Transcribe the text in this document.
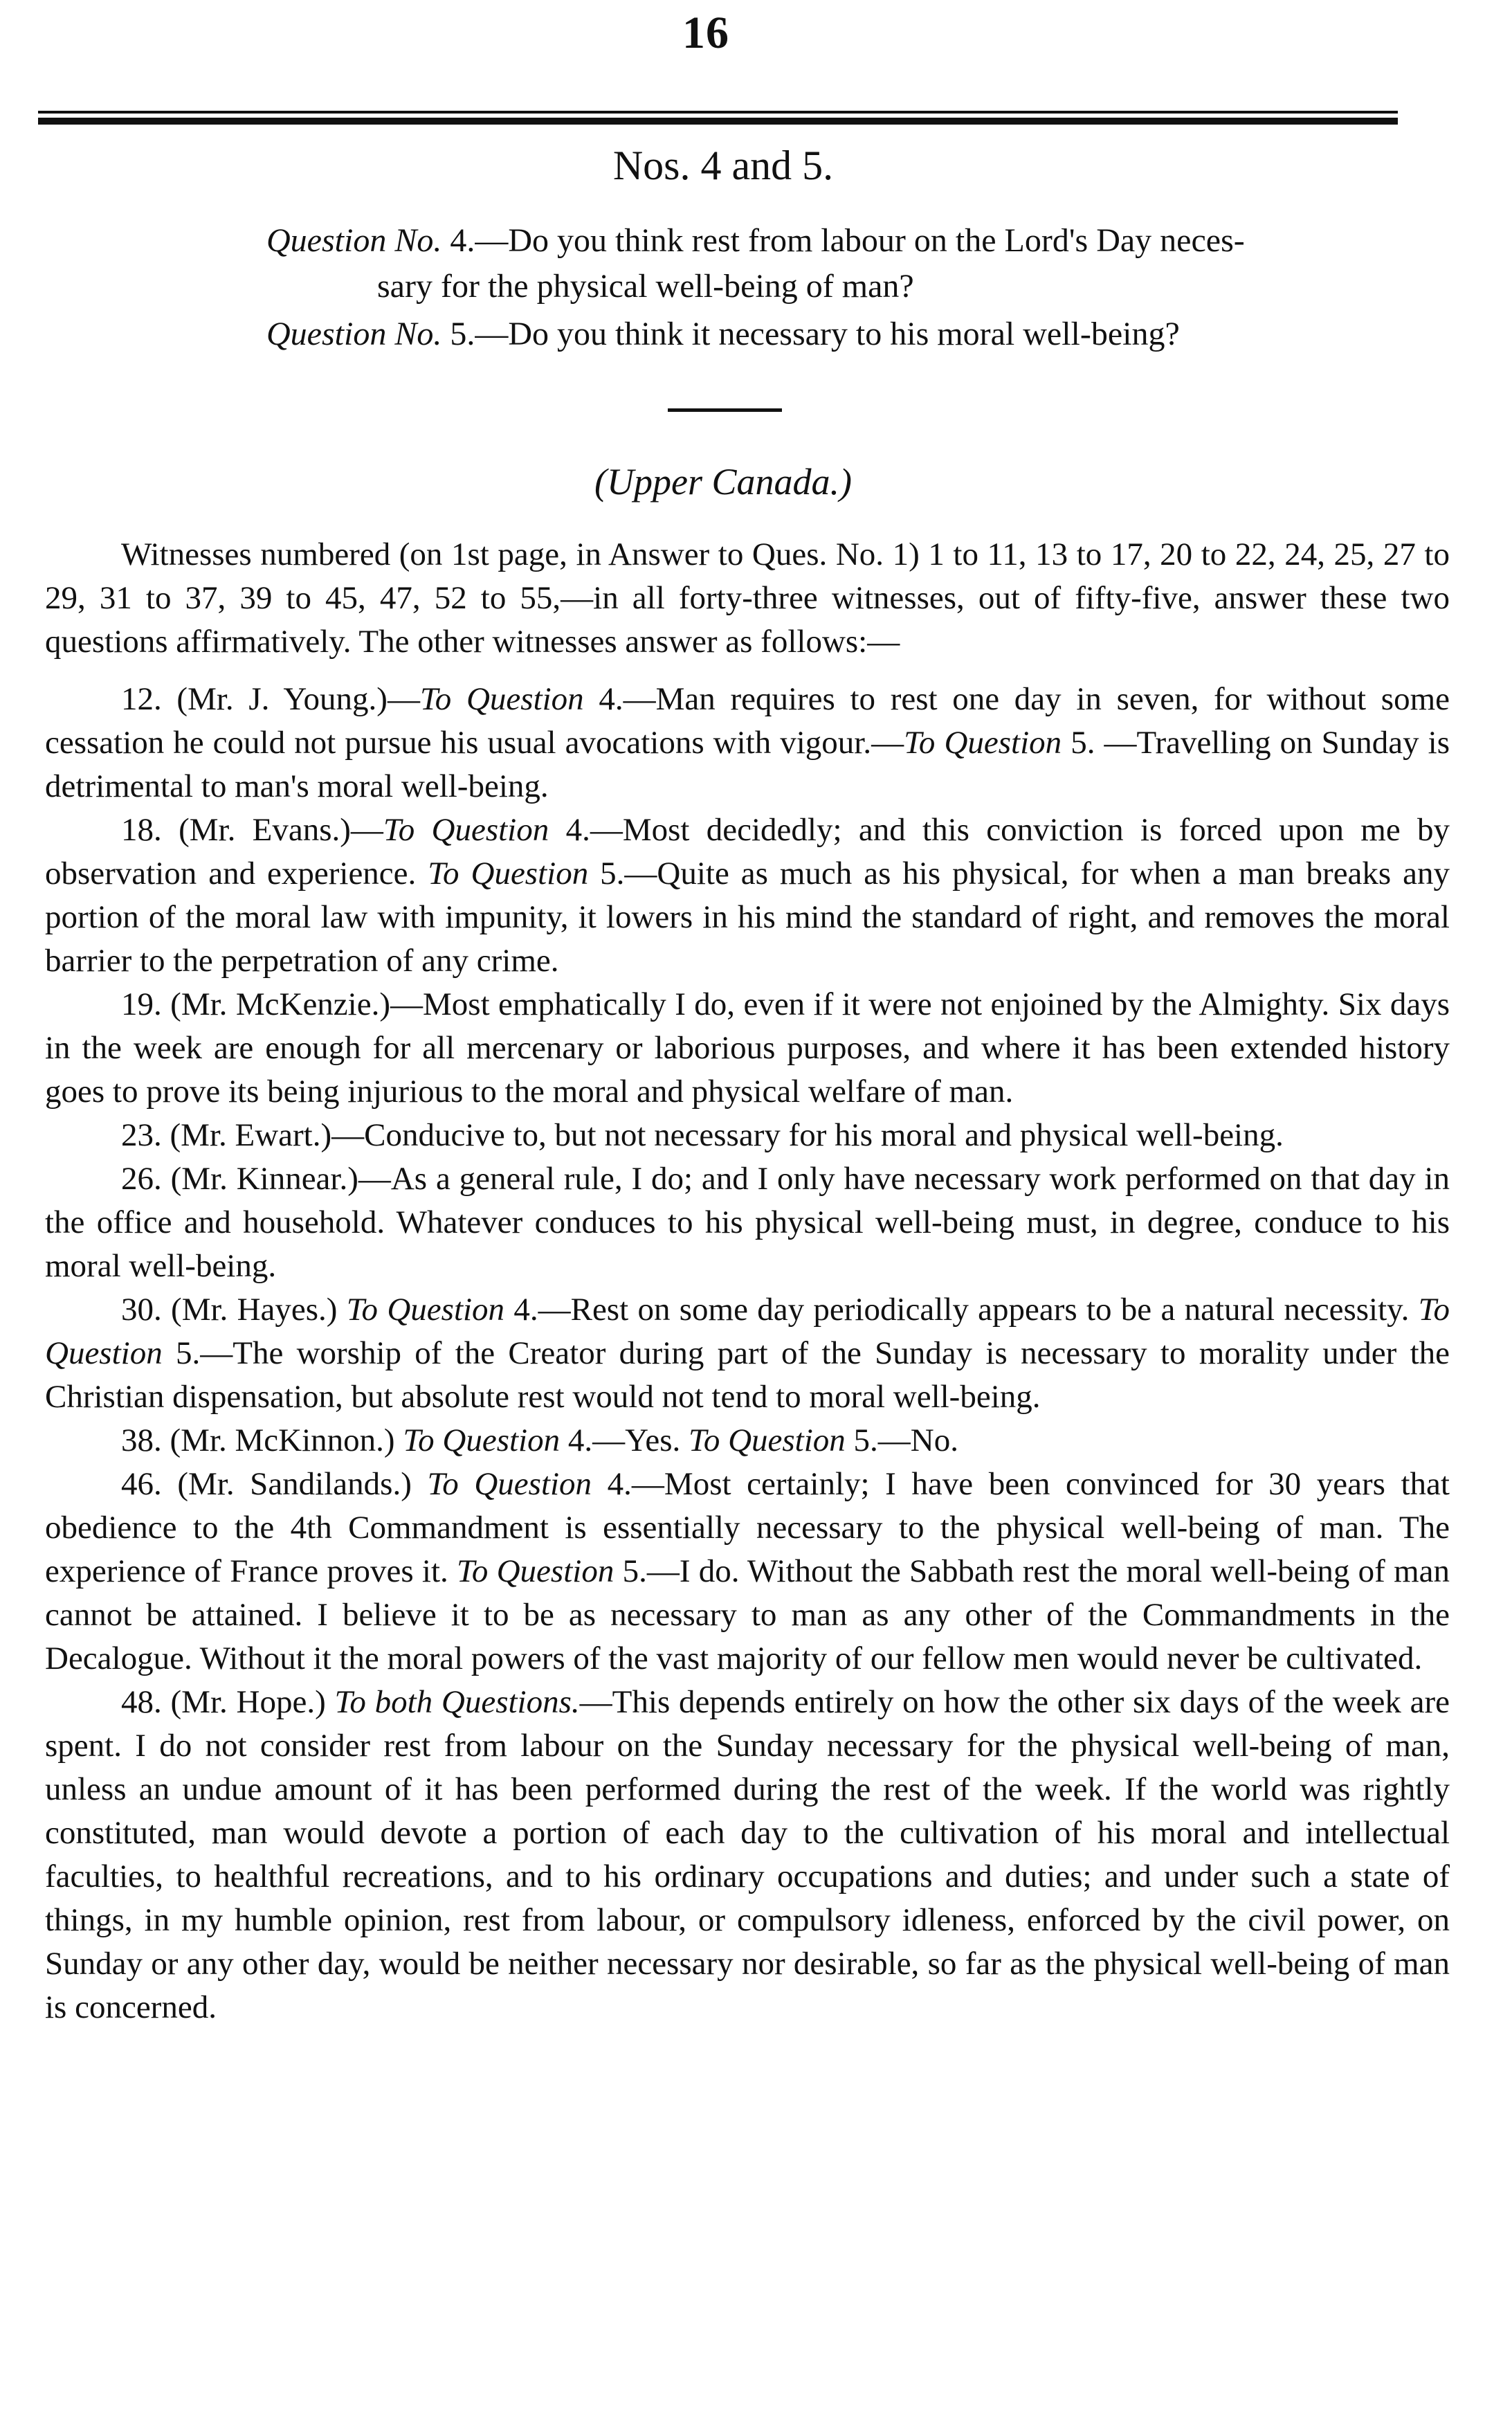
16
Nos. 4 and 5.
Question No. 4.—Do you think rest from labour on the Lord's Day neces-
sary for the physical well-being of man?
Question No. 5.—Do you think it necessary to his moral well-being?
(Upper Canada.)

Witnesses numbered (on 1st page, in Answer to Ques. No. 1) 1 to 11, 13 to 17, 20 to 22, 24, 25, 27 to 29, 31 to 37, 39 to 45, 47, 52 to 55,—in all forty-three witnesses, out of fifty-five, answer these two questions affirmatively. The other witnesses answer as follows:—

12. (Mr. J. Young.)—To Question 4.—Man requires to rest one day in seven, for without some cessation he could not pursue his usual avocations with vigour.—To Question 5. —Travelling on Sunday is detrimental to man's moral well-being.

18. (Mr. Evans.)—To Question 4.—Most decidedly; and this conviction is forced upon me by observation and experience. To Question 5.—Quite as much as his physical, for when a man breaks any portion of the moral law with impunity, it lowers in his mind the standard of right, and removes the moral barrier to the perpetration of any crime.

19. (Mr. McKenzie.)—Most emphatically I do, even if it were not enjoined by the Almighty. Six days in the week are enough for all mercenary or laborious purposes, and where it has been extended history goes to prove its being injurious to the moral and physical welfare of man.

23. (Mr. Ewart.)—Conducive to, but not necessary for his moral and physical well-being.

26. (Mr. Kinnear.)—As a general rule, I do; and I only have necessary work performed on that day in the office and household. Whatever conduces to his physical well-being must, in degree, conduce to his moral well-being.

30. (Mr. Hayes.) To Question 4.—Rest on some day periodically appears to be a natural necessity. To Question 5.—The worship of the Creator during part of the Sunday is necessary to morality under the Christian dispensation, but absolute rest would not tend to moral well-being.

38. (Mr. McKinnon.) To Question 4.—Yes. To Question 5.—No.

46. (Mr. Sandilands.) To Question 4.—Most certainly; I have been convinced for 30 years that obedience to the 4th Commandment is essentially necessary to the physical well-being of man. The experience of France proves it. To Question 5.—I do. Without the Sabbath rest the moral well-being of man cannot be attained. I believe it to be as necessary to man as any other of the Commandments in the Decalogue. Without it the moral powers of the vast majority of our fellow men would never be cultivated.

48. (Mr. Hope.) To both Questions.—This depends entirely on how the other six days of the week are spent. I do not consider rest from labour on the Sunday necessary for the physical well-being of man, unless an undue amount of it has been performed during the rest of the week. If the world was rightly constituted, man would devote a portion of each day to the cultivation of his moral and intellectual faculties, to healthful recreations, and to his ordinary occupations and duties; and under such a state of things, in my humble opinion, rest from labour, or compulsory idleness, enforced by the civil power, on Sunday or any other day, would be neither necessary nor desirable, so far as the physical well-being of man is concerned.
